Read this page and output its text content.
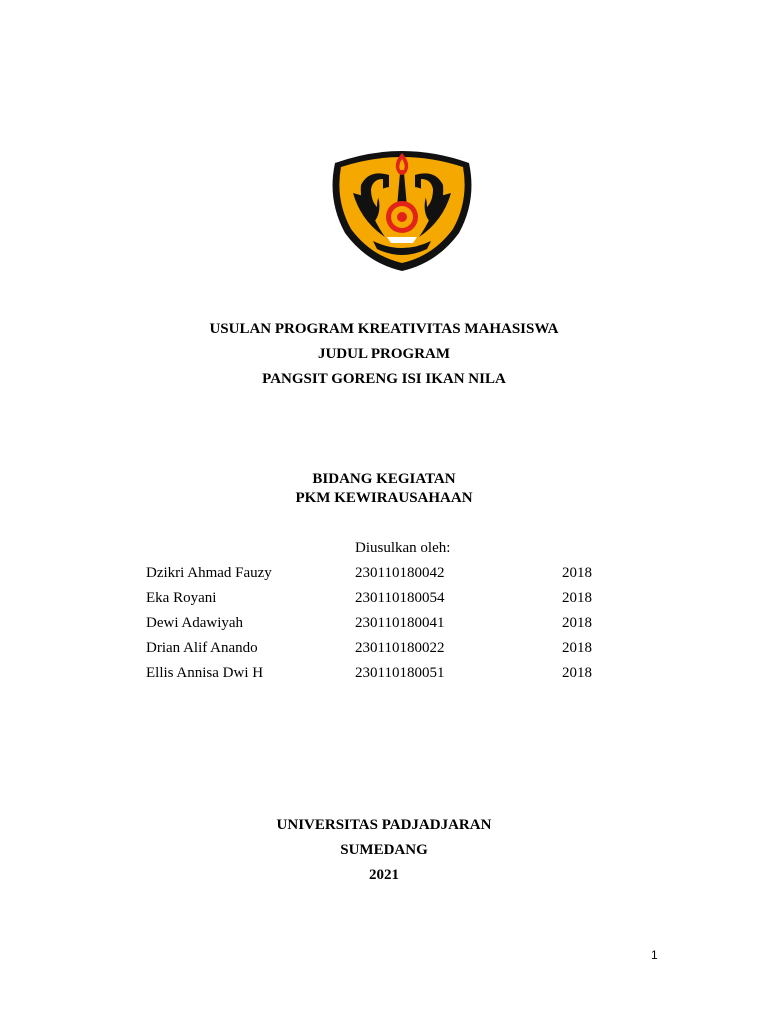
USULAN PROGRAM KREATIVITAS MAHASISWA
JUDUL PROGRAM
PANGSIT GORENG ISI IKAN NILA
BIDANG KEGIATAN
PKM KEWIRAUSAHAAN
Diusulkan oleh:
Dzikri Ahmad Fauzy	230110180042	2018
Eka Royani	230110180054	2018
Dewi Adawiyah	230110180041	2018
Drian Alif Anando	230110180022	2018
Ellis Annisa Dwi H	230110180051	2018
UNIVERSITAS PADJADJARAN
SUMEDANG
2021
1
